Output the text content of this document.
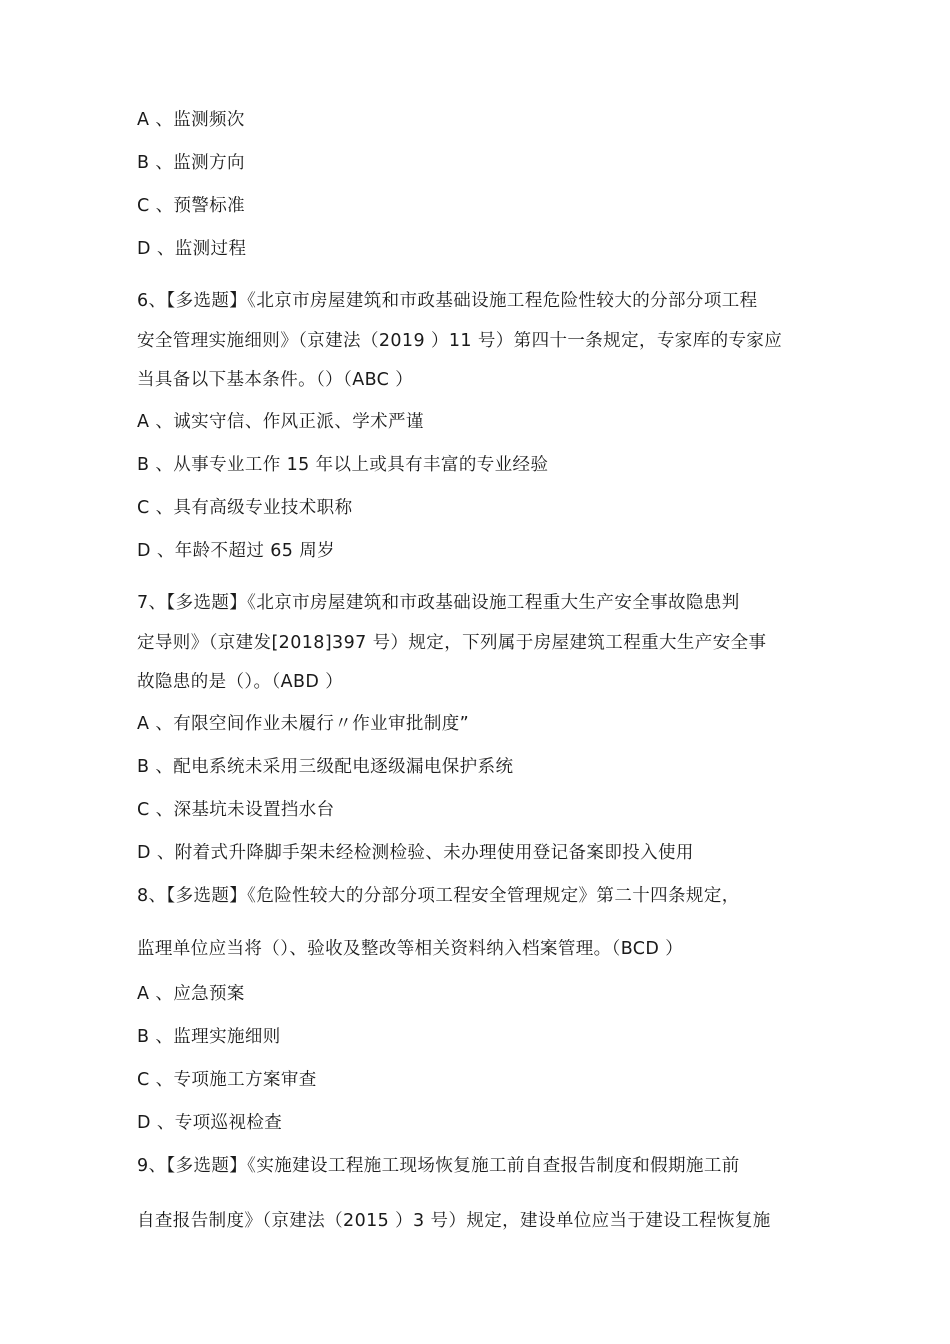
A 、监测频次
B 、监测方向
C 、预警标准
D 、监测过程
6、【多选题】《北京市房屋建筑和市政基础设施工程危险性较大的分部分项工程
安全管理实施细则》（京建法（2019 ）11 号）第四十一条规定，专家库的专家应
当具备以下基本条件。（）（ABC ）
A 、诚实守信、作风正派、学术严谨
B 、从事专业工作 15 年以上或具有丰富的专业经验
C 、具有高级专业技术职称
D 、年龄不超过 65 周岁
7、【多选题】《北京市房屋建筑和市政基础设施工程重大生产安全事故隐患判
定导则》（京建发[2018]397 号）规定，下列属于房屋建筑工程重大生产安全事
故隐患的是（）。（ABD ）
A 、有限空间作业未履行〃作业审批制度”
B 、配电系统未采用三级配电逐级漏电保护系统
C 、深基坑未设置挡水台
D 、附着式升降脚手架未经检测检验、未办理使用登记备案即投入使用
8、【多选题】《危险性较大的分部分项工程安全管理规定》第二十四条规定，
监理单位应当将（）、验收及整改等相关资料纳入档案管理。（BCD ）
A 、应急预案
B 、监理实施细则
C 、专项施工方案审查
D 、专项巡视检查
9、【多选题】《实施建设工程施工现场恢复施工前自查报告制度和假期施工前
自查报告制度》（京建法（2015 ）3 号）规定，建设单位应当于建设工程恢复施
